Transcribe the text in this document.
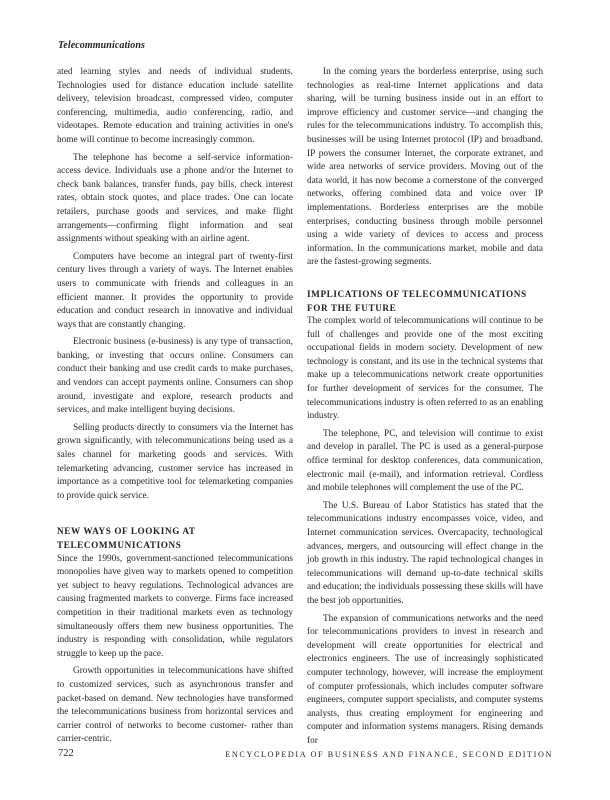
Telecommunications

ated learning styles and needs of individual students. Technologies used for distance education include satellite delivery, television broadcast, compressed video, computer conferencing, multimedia, audio conferencing, radio, and videotapes. Remote education and training activities in one's home will continue to become increasingly common.

The telephone has become a self-service information-access device. Individuals use a phone and/or the Internet to check bank balances, transfer funds, pay bills, check interest rates, obtain stock quotes, and place trades. One can locate retailers, purchase goods and services, and make flight arrangements—confirming flight information and seat assignments without speaking with an airline agent.

Computers have become an integral part of twenty-first century lives through a variety of ways. The Internet enables users to communicate with friends and colleagues in an efficient manner. It provides the opportunity to provide education and conduct research in innovative and individual ways that are constantly changing.

Electronic business (e-business) is any type of transaction, banking, or investing that occurs online. Consumers can conduct their banking and use credit cards to make purchases, and vendors can accept payments online. Consumers can shop around, investigate and explore, research products and services, and make intelligent buying decisions.

Selling products directly to consumers via the Internet has grown significantly, with telecommunications being used as a sales channel for marketing goods and services. With telemarketing advancing, customer service has increased in importance as a competitive tool for telemarketing companies to provide quick service.

NEW WAYS OF LOOKING AT TELECOMMUNICATIONS

Since the 1990s, government-sanctioned telecommunications monopolies have given way to markets opened to competition yet subject to heavy regulations. Technological advances are causing fragmented markets to converge. Firms face increased competition in their traditional markets even as technology simultaneously offers them new business opportunities. The industry is responding with consolidation, while regulators struggle to keep up the pace.

Growth opportunities in telecommunications have shifted to customized services, such as asynchronous transfer and packet-based on demand. New technologies have transformed the telecommunications business from horizontal services and carrier control of networks to become customer- rather than carrier-centric.

In the coming years the borderless enterprise, using such technologies as real-time Internet applications and data sharing, will be turning business inside out in an effort to improve efficiency and customer service—and changing the rules for the telecommunications industry. To accomplish this, businesses will be using Internet protocol (IP) and broadband. IP powers the consumer Internet, the corporate extranet, and wide area networks of service providers. Moving out of the data world, it has now become a cornerstone of the converged networks, offering combined data and voice over IP implementations. Borderless enterprises are the mobile enterprises, conducting business through mobile personnel using a wide variety of devices to access and process information. In the communications market, mobile and data are the fastest-growing segments.

IMPLICATIONS OF TELECOMMUNICATIONS FOR THE FUTURE

The complex world of telecommunications will continue to be full of challenges and provide one of the most exciting occupational fields in modern society. Development of new technology is constant, and its use in the technical systems that make up a telecommunications network create opportunities for further development of services for the consumer. The telecommunications industry is often referred to as an enabling industry.

The telephone, PC, and television will continue to exist and develop in parallel. The PC is used as a general-purpose office terminal for desktop conferences, data communication, electronic mail (e-mail), and information retrieval. Cordless and mobile telephones will complement the use of the PC.

The U.S. Bureau of Labor Statistics has stated that the telecommunications industry encompasses voice, video, and Internet communication services. Overcapacity, technological advances, mergers, and outsourcing will effect change in the job growth in this industry. The rapid technological changes in telecommunications will demand up-to-date technical skills and education; the individuals possessing these skills will have the best job opportunities.

The expansion of communications networks and the need for telecommunications providers to invest in research and development will create opportunities for electrical and electronics engineers. The use of increasingly sophisticated computer technology, however, will increase the employment of computer professionals, which includes computer software engineers, computer support specialists, and computer systems analysts, thus creating employment for engineering and computer and information systems managers. Rising demands for

722	ENCYCLOPEDIA OF BUSINESS AND FINANCE, SECOND EDITION
